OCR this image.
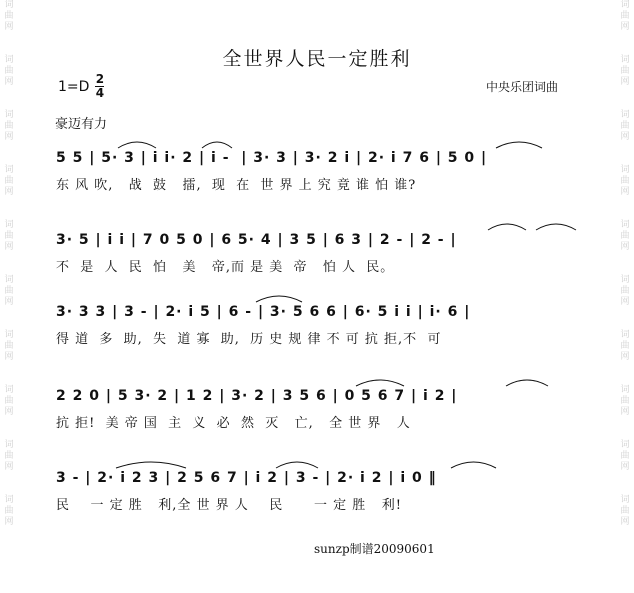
词
曲
网
词
曲
网
词
曲
网
词
曲
网
词
曲
网
词
曲
网
词
曲
网
词
曲
网
词
曲
网
词
曲
网
词
曲
网
词
曲
网
词
曲
网
词
曲
网
词
曲
网
词
曲
网
词
曲
网
词
曲
网
词
曲
网
词
曲
网
全世界人民一定胜利
$1=D \frac{2}{4}$	中央乐团词曲
豪迈有力
5 5 | 5· 3 | i i· 2 | i -  | 3· 3 | 3· 2 i | 2· i 7 6 | 5 0 |
东 风 吹,   战  鼓   擂,  现  在  世 界 上 究 竟 谁 怕 谁?
3· 5 | i i | 7 0 5 0 | 6 5· 4 | 3 5 | 6 3 | 2 - | 2 - |
不  是  人  民  怕   美   帝,而 是 美  帝   怕 人  民。
3· 3 3 | 3 - | 2· i 5 | 6 - | 3· 5 6 6 | 6· 5 i i | i· 6 |
得 道  多  助,  失  道 寡  助,  历 史 规 律 不 可 抗 拒,不  可
2 2 0 | 5 3· 2 | 1 2 | 3· 2 | 3 5 6 | 0 5 6 7 | i 2 |
抗 拒!  美 帝 国  主  义  必  然  灭   亡,   全 世 界   人
3 - | 2· i 2 3 | 2 5 6 7 | i 2 | 3 - | 2· i 2 | i 0 ‖
民    一 定 胜   利,全 世 界 人    民      一 定 胜   利!
sunzp制谱20090601
